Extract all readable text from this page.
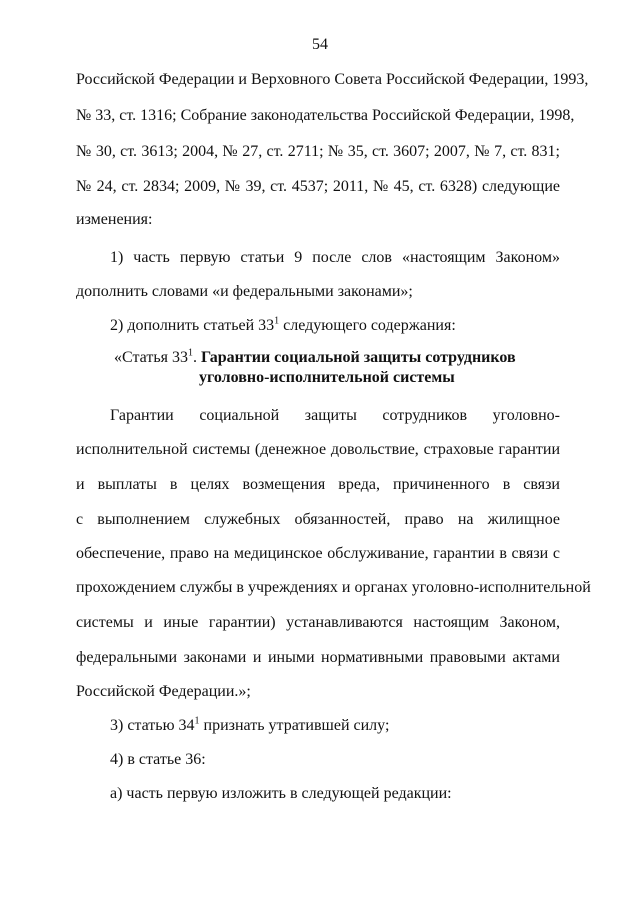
54
Российской Федерации и Верховного Совета Российской Федерации, 1993,
№ 33, ст. 1316; Собрание законодательства Российской Федерации, 1998,
№ 30, ст. 3613; 2004, № 27, ст. 2711; № 35, ст. 3607; 2007, № 7, ст. 831;
№ 24, ст. 2834; 2009, № 39, ст. 4537; 2011, № 45, ст. 6328) следующие
изменения:
1) часть первую статьи 9 после слов «настоящим Законом»
дополнить словами «и федеральными законами»;
2) дополнить статьей $33^1$ следующего содержания:
«Статья $33^1$. Гарантии социальной защиты сотрудников
уголовно-исполнительной системы
Гарантии социальной защиты сотрудников уголовно-
исполнительной системы (денежное довольствие, страховые гарантии
и выплаты в целях возмещения вреда, причиненного в связи
с выполнением служебных обязанностей, право на жилищное
обеспечение, право на медицинское обслуживание, гарантии в связи с
прохождением службы в учреждениях и органах уголовно-исполнительной
системы и иные гарантии) устанавливаются настоящим Законом,
федеральными законами и иными нормативными правовыми актами
Российской Федерации.»;
3) статью $34^1$ признать утратившей силу;
4) в статье 36:
а) часть первую изложить в следующей редакции:
